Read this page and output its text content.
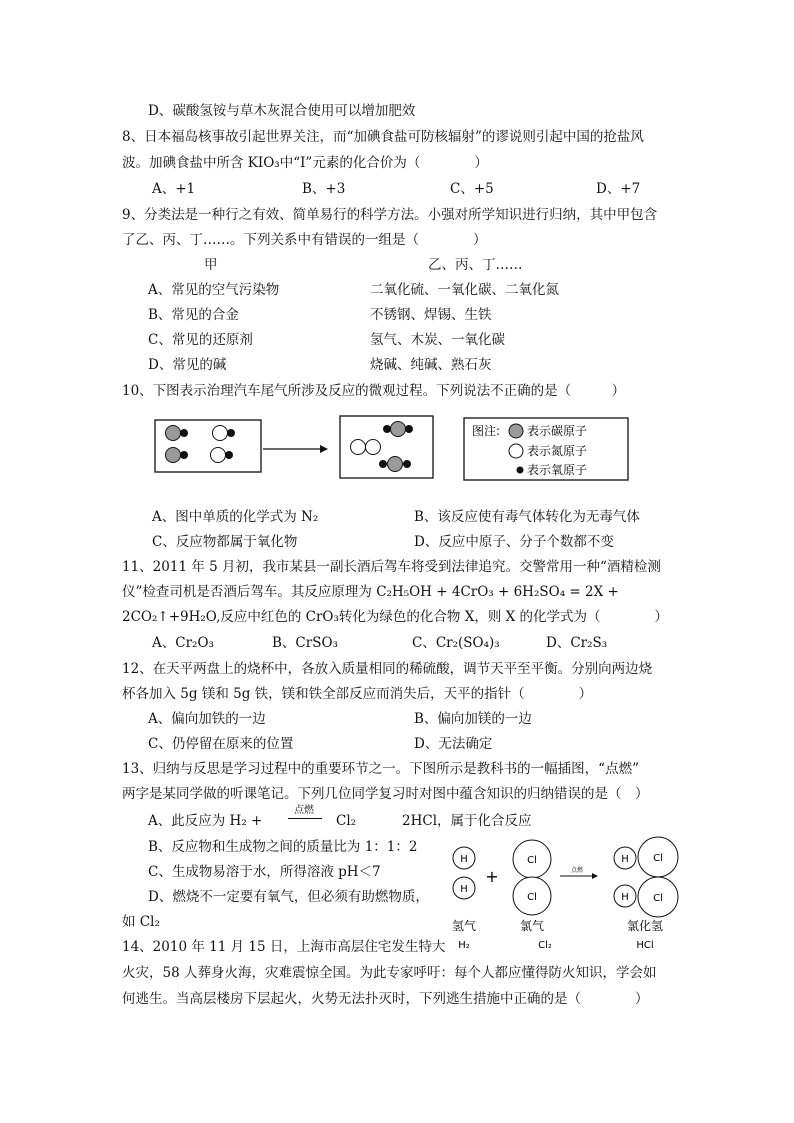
D、碳酸氢铵与草木灰混合使用可以增加肥效
8、日本福岛核事故引起世界关注，而“加碘食盐可防核辐射”的谬说则引起中国的抢盐风
波。加碘食盐中所含 KIO₃中“I”元素的化合价为（　　　　）
A、+1	B、+3	C、+5	D、+7
9、分类法是一种行之有效、简单易行的科学方法。小强对所学知识进行归纳，其中甲包含
了乙、丙、丁……。下列关系中有错误的一组是（　　　　）
甲	乙、丙、丁……
A、常见的空气污染物	二氧化硫、一氧化碳、二氧化氮
B、常见的合金	不锈钢、焊锡、生铁
C、常见的还原剂	氢气、木炭、一氧化碳
D、常见的碱	烧碱、纯碱、熟石灰
10、下图表示治理汽车尾气所涉及反应的微观过程。下列说法不正确的是（　　　）
图注: 表示碳原子
表示氮原子
表示氧原子
A、图中单质的化学式为 N₂	B、该反应使有毒气体转化为无毒气体
C、反应物都属于氧化物	D、反应中原子、分子个数都不变
11、2011 年 5 月初，我市某县一副长酒后驾车将受到法律追究。交警常用一种“酒精检测
仪”检查司机是否酒后驾车。其反应原理为 C₂H₅OH + 4CrO₃ + 6H₂SO₄ = 2X +
2CO₂↑+9H₂O,反应中红色的 CrO₃转化为绿色的化合物 X，则 X 的化学式为（　　　　）
A、Cr₂O₃	B、CrSO₃	C、Cr₂(SO₄)₃	D、Cr₂S₃
12、在天平两盘上的烧杯中，各放入质量相同的稀硫酸，调节天平至平衡。分别向两边烧
杯各加入 5g 镁和 5g 铁，镁和铁全部反应而消失后，天平的指针（　　　　）
A、偏向加铁的一边	B、偏向加镁的一边
C、仍停留在原来的位置	D、无法确定
13、归纳与反思是学习过程中的重要环节之一。下图所示是教科书的一幅插图，“点燃”
两字是某同学做的听课笔记。下列几位同学复习时对图中蕴含知识的归纳错误的是（　）
A、此反应为 H₂ +
点燃
Cl₂	2HCl，属于化合反应
B、反应物和生成物之间的质量比为 1：1：2
C、生成物易溶于水，所得溶液 pH＜7
D、燃烧不一定要有氧气，但必须有助燃物质，
如 Cl₂
H
H
+
Cl
Cl
点燃
H Cl
H Cl
氢气	氯气	氯化氢
H₂	Cl₂	HCl
14、2010 年 11 月 15 日，上海市高层住宅发生特大
火灾，58 人葬身火海，灾难震惊全国。为此专家呼吁：每个人都应懂得防火知识，学会如
何逃生。当高层楼房下层起火，火势无法扑灭时，下列逃生措施中正确的是（　　　　）
